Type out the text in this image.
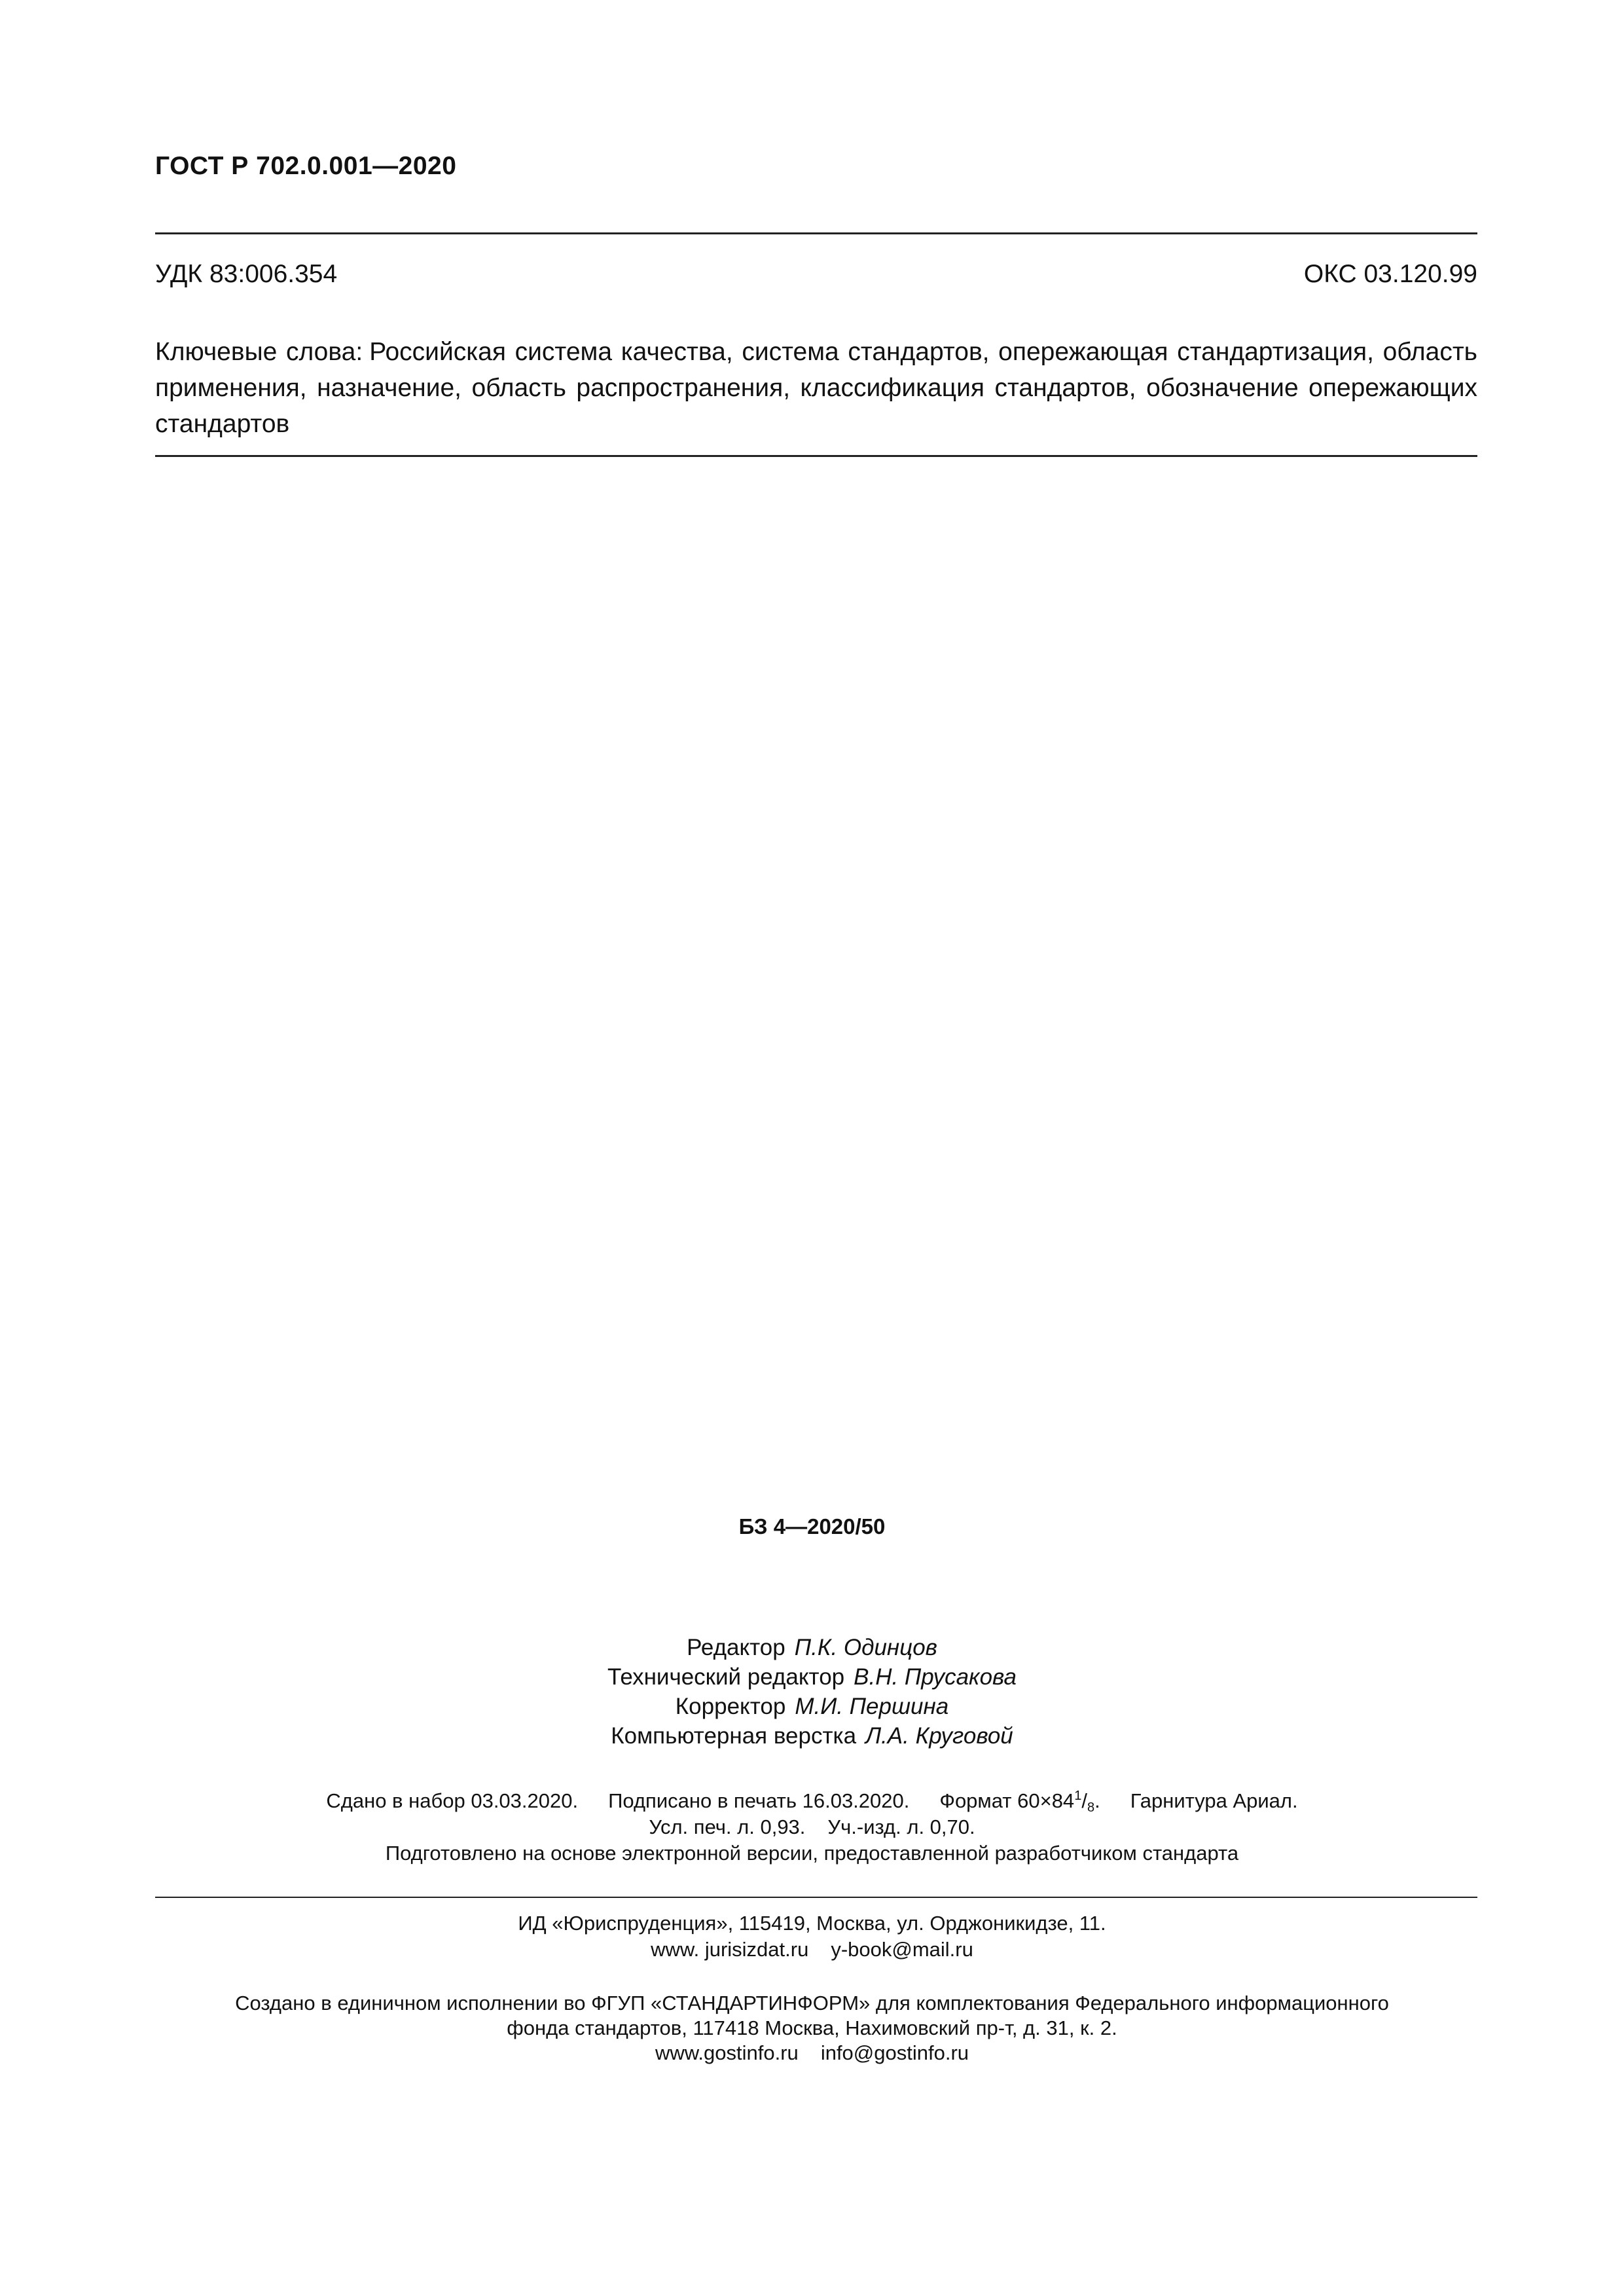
ГОСТ Р 702.0.001—2020
УДК 83:006.354	ОКС 03.120.99
Ключевые слова: Российская система качества, система стандартов, опережающая стандартизация, область применения, назначение, область распространения, классификация стандартов, обозначение опережающих стандартов
БЗ 4—2020/50
Редактор П.К. Одинцов
Технический редактор В.Н. Прусакова
Корректор М.И. Першина
Компьютерная верстка Л.А. Круговой
Сдано в набор 03.03.2020. Подписано в печать 16.03.2020. Формат $60\times 84^1/_8$. Гарнитура Ариал.
Усл. печ. л. 0,93. Уч.-изд. л. 0,70.
Подготовлено на основе электронной версии, предоставленной разработчиком стандарта
ИД «Юриспруденция», 115419, Москва, ул. Орджоникидзе, 11.
www. jurisizdat.ru y-book@mail.ru
Создано в единичном исполнении во ФГУП «СТАНДАРТИНФОРМ» для комплектования Федерального информационного
фонда стандартов, 117418 Москва, Нахимовский пр-т, д. 31, к. 2.
www.gostinfo.ru info@gostinfo.ru
